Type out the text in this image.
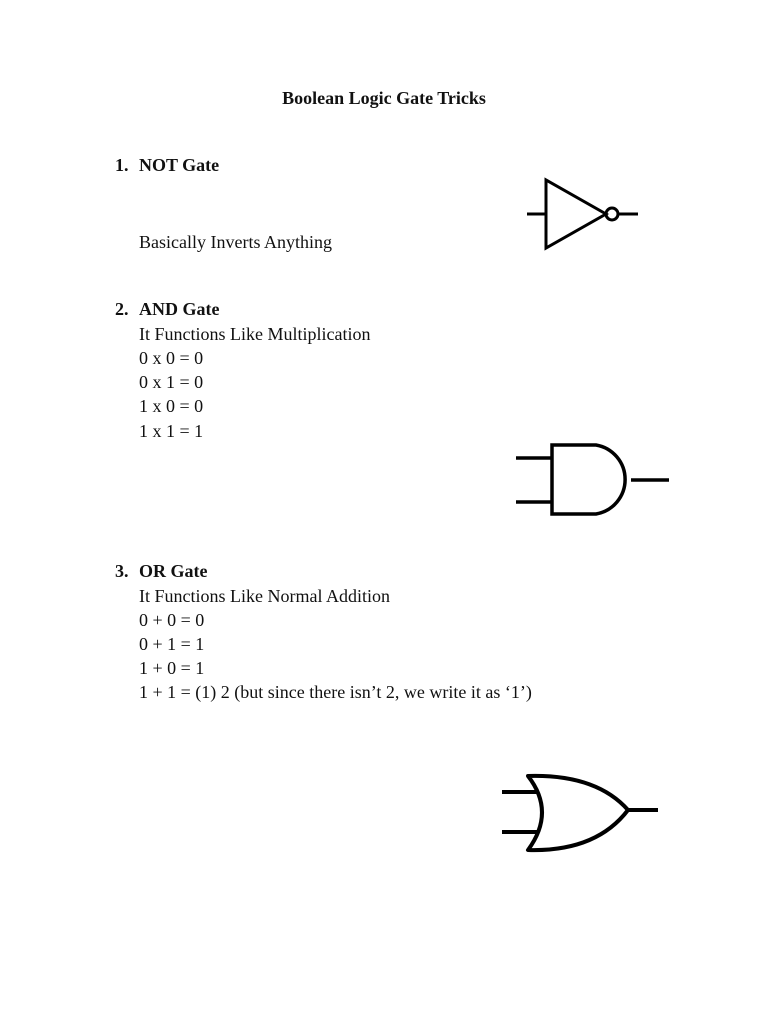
Boolean Logic Gate Tricks
1. NOT Gate
Basically Inverts Anything
2. AND Gate
It Functions Like Multiplication
0 x 0 = 0
0 x 1 = 0
1 x 0 = 0
1 x 1 = 1
3. OR Gate
It Functions Like Normal Addition
0 + 0 = 0
0 + 1 = 1
1 + 0 = 1
1 + 1 = (1) 2 (but since there isn’t 2, we write it as ‘1’)
